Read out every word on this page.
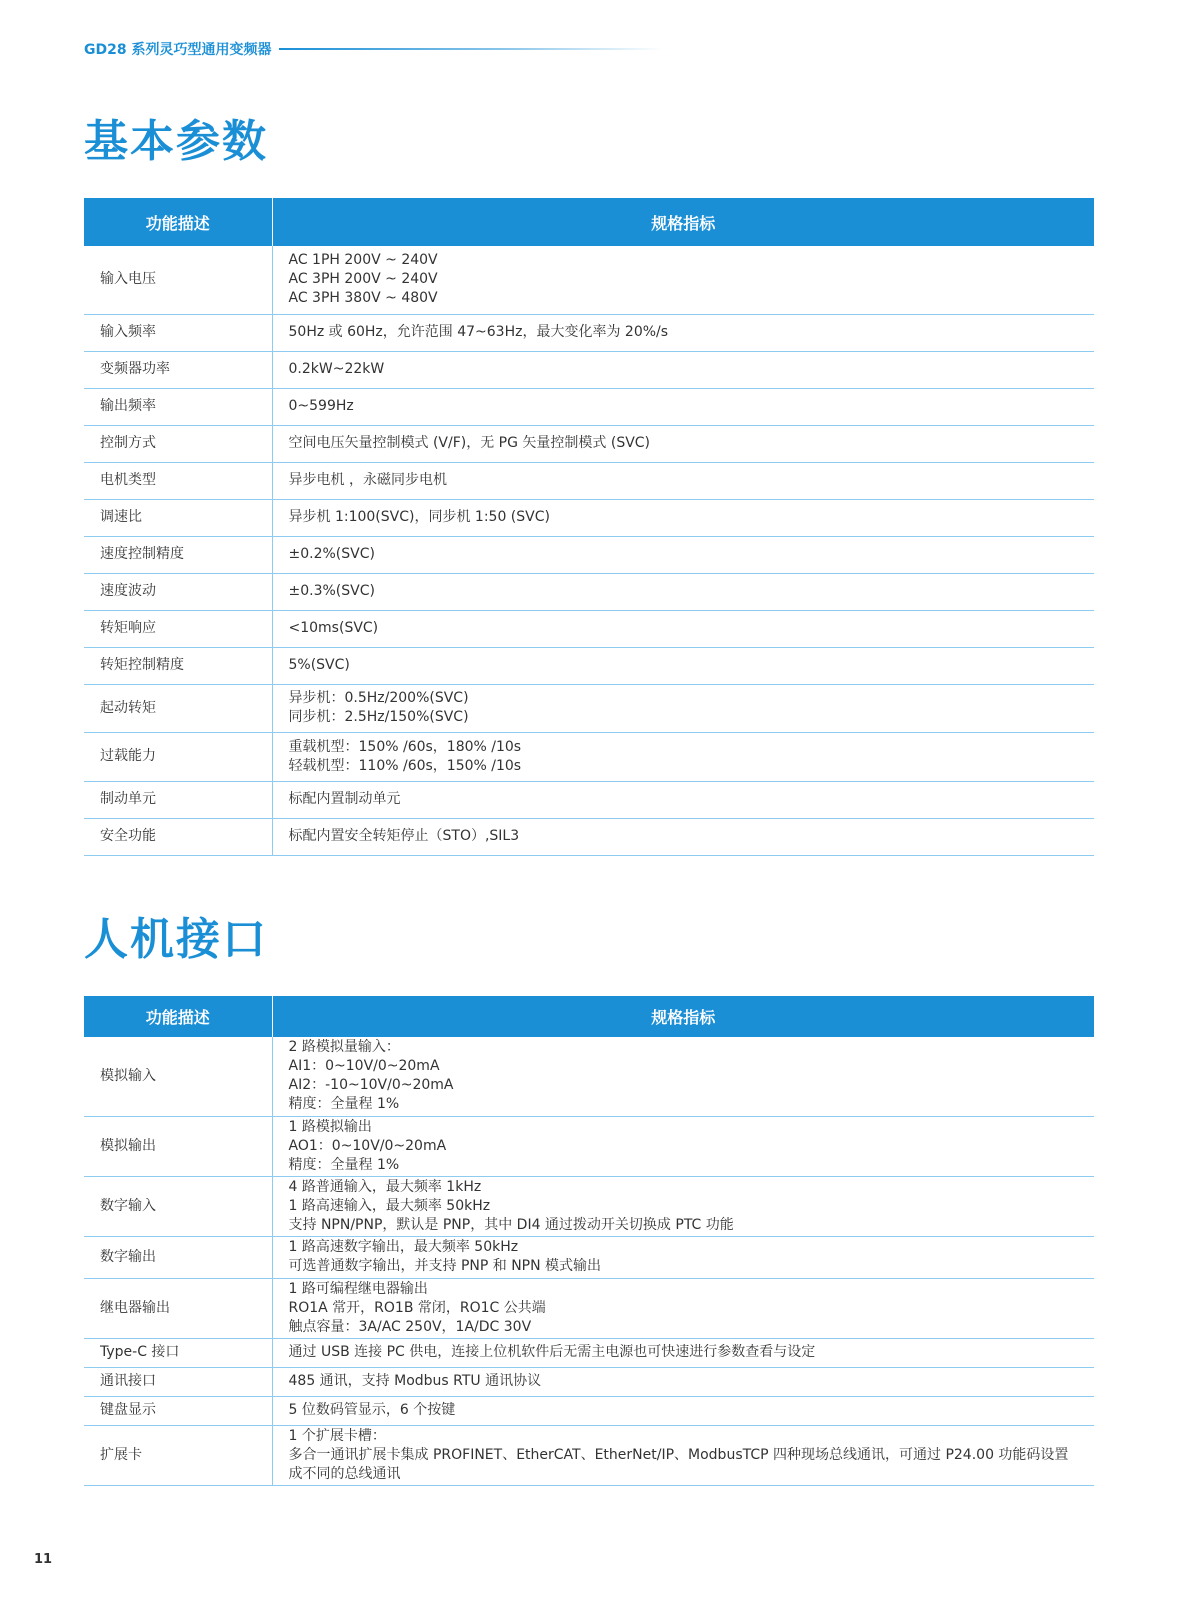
GD28 系列灵巧型通用变频器
基本参数
功能描述	规格指标
输入电压	AC 1PH 200V ~ 240V
AC 3PH 200V ~ 240V
AC 3PH 380V ~ 480V

输入频率	50Hz 或 60Hz，允许范围 47~63Hz，最大变化率为 20%/s

变频器功率	0.2kW~22kW

输出频率	0~599Hz

控制方式	空间电压矢量控制模式 (V/F)，无 PG 矢量控制模式 (SVC)

电机类型	异步电机 ，永磁同步电机

调速比	异步机 1:100(SVC)，同步机 1:50 (SVC)

速度控制精度	±0.2%(SVC)

速度波动	±0.3%(SVC)

转矩响应	<10ms(SVC)

转矩控制精度	5%(SVC)

起动转矩	异步机：0.5Hz/200%(SVC)
同步机：2.5Hz/150%(SVC)

过载能力	重载机型：150% /60s，180% /10s
轻载机型：110% /60s，150% /10s

制动单元	标配内置制动单元

安全功能	标配内置安全转矩停止（STO）,SIL3
人机接口
功能描述	规格指标
模拟输入	2 路模拟量输入：
AI1：0~10V/0~20mA
AI2：-10~10V/0~20mA
精度：全量程 1%

模拟输出	1 路模拟输出
AO1：0~10V/0~20mA
精度：全量程 1%

数字输入	4 路普通输入，最大频率 1kHz
1 路高速输入，最大频率 50kHz
支持 NPN/PNP，默认是 PNP，其中 DI4 通过拨动开关切换成 PTC 功能

数字输出	1 路高速数字输出，最大频率 50kHz
可选普通数字输出，并支持 PNP 和 NPN 模式输出

继电器输出	1 路可编程继电器输出
RO1A 常开，RO1B 常闭，RO1C 公共端
触点容量：3A/AC 250V，1A/DC 30V

Type-C 接口	通过 USB 连接 PC 供电，连接上位机软件后无需主电源也可快速进行参数查看与设定

通讯接口	485 通讯，支持 Modbus RTU 通讯协议

键盘显示	5 位数码管显示，6 个按键

扩展卡	1 个扩展卡槽：
多合一通讯扩展卡集成 PROFINET、EtherCAT、EtherNet/IP、ModbusTCP 四种现场总线通讯，可通过 P24.00 功能码设置成不同的总线通讯
11
